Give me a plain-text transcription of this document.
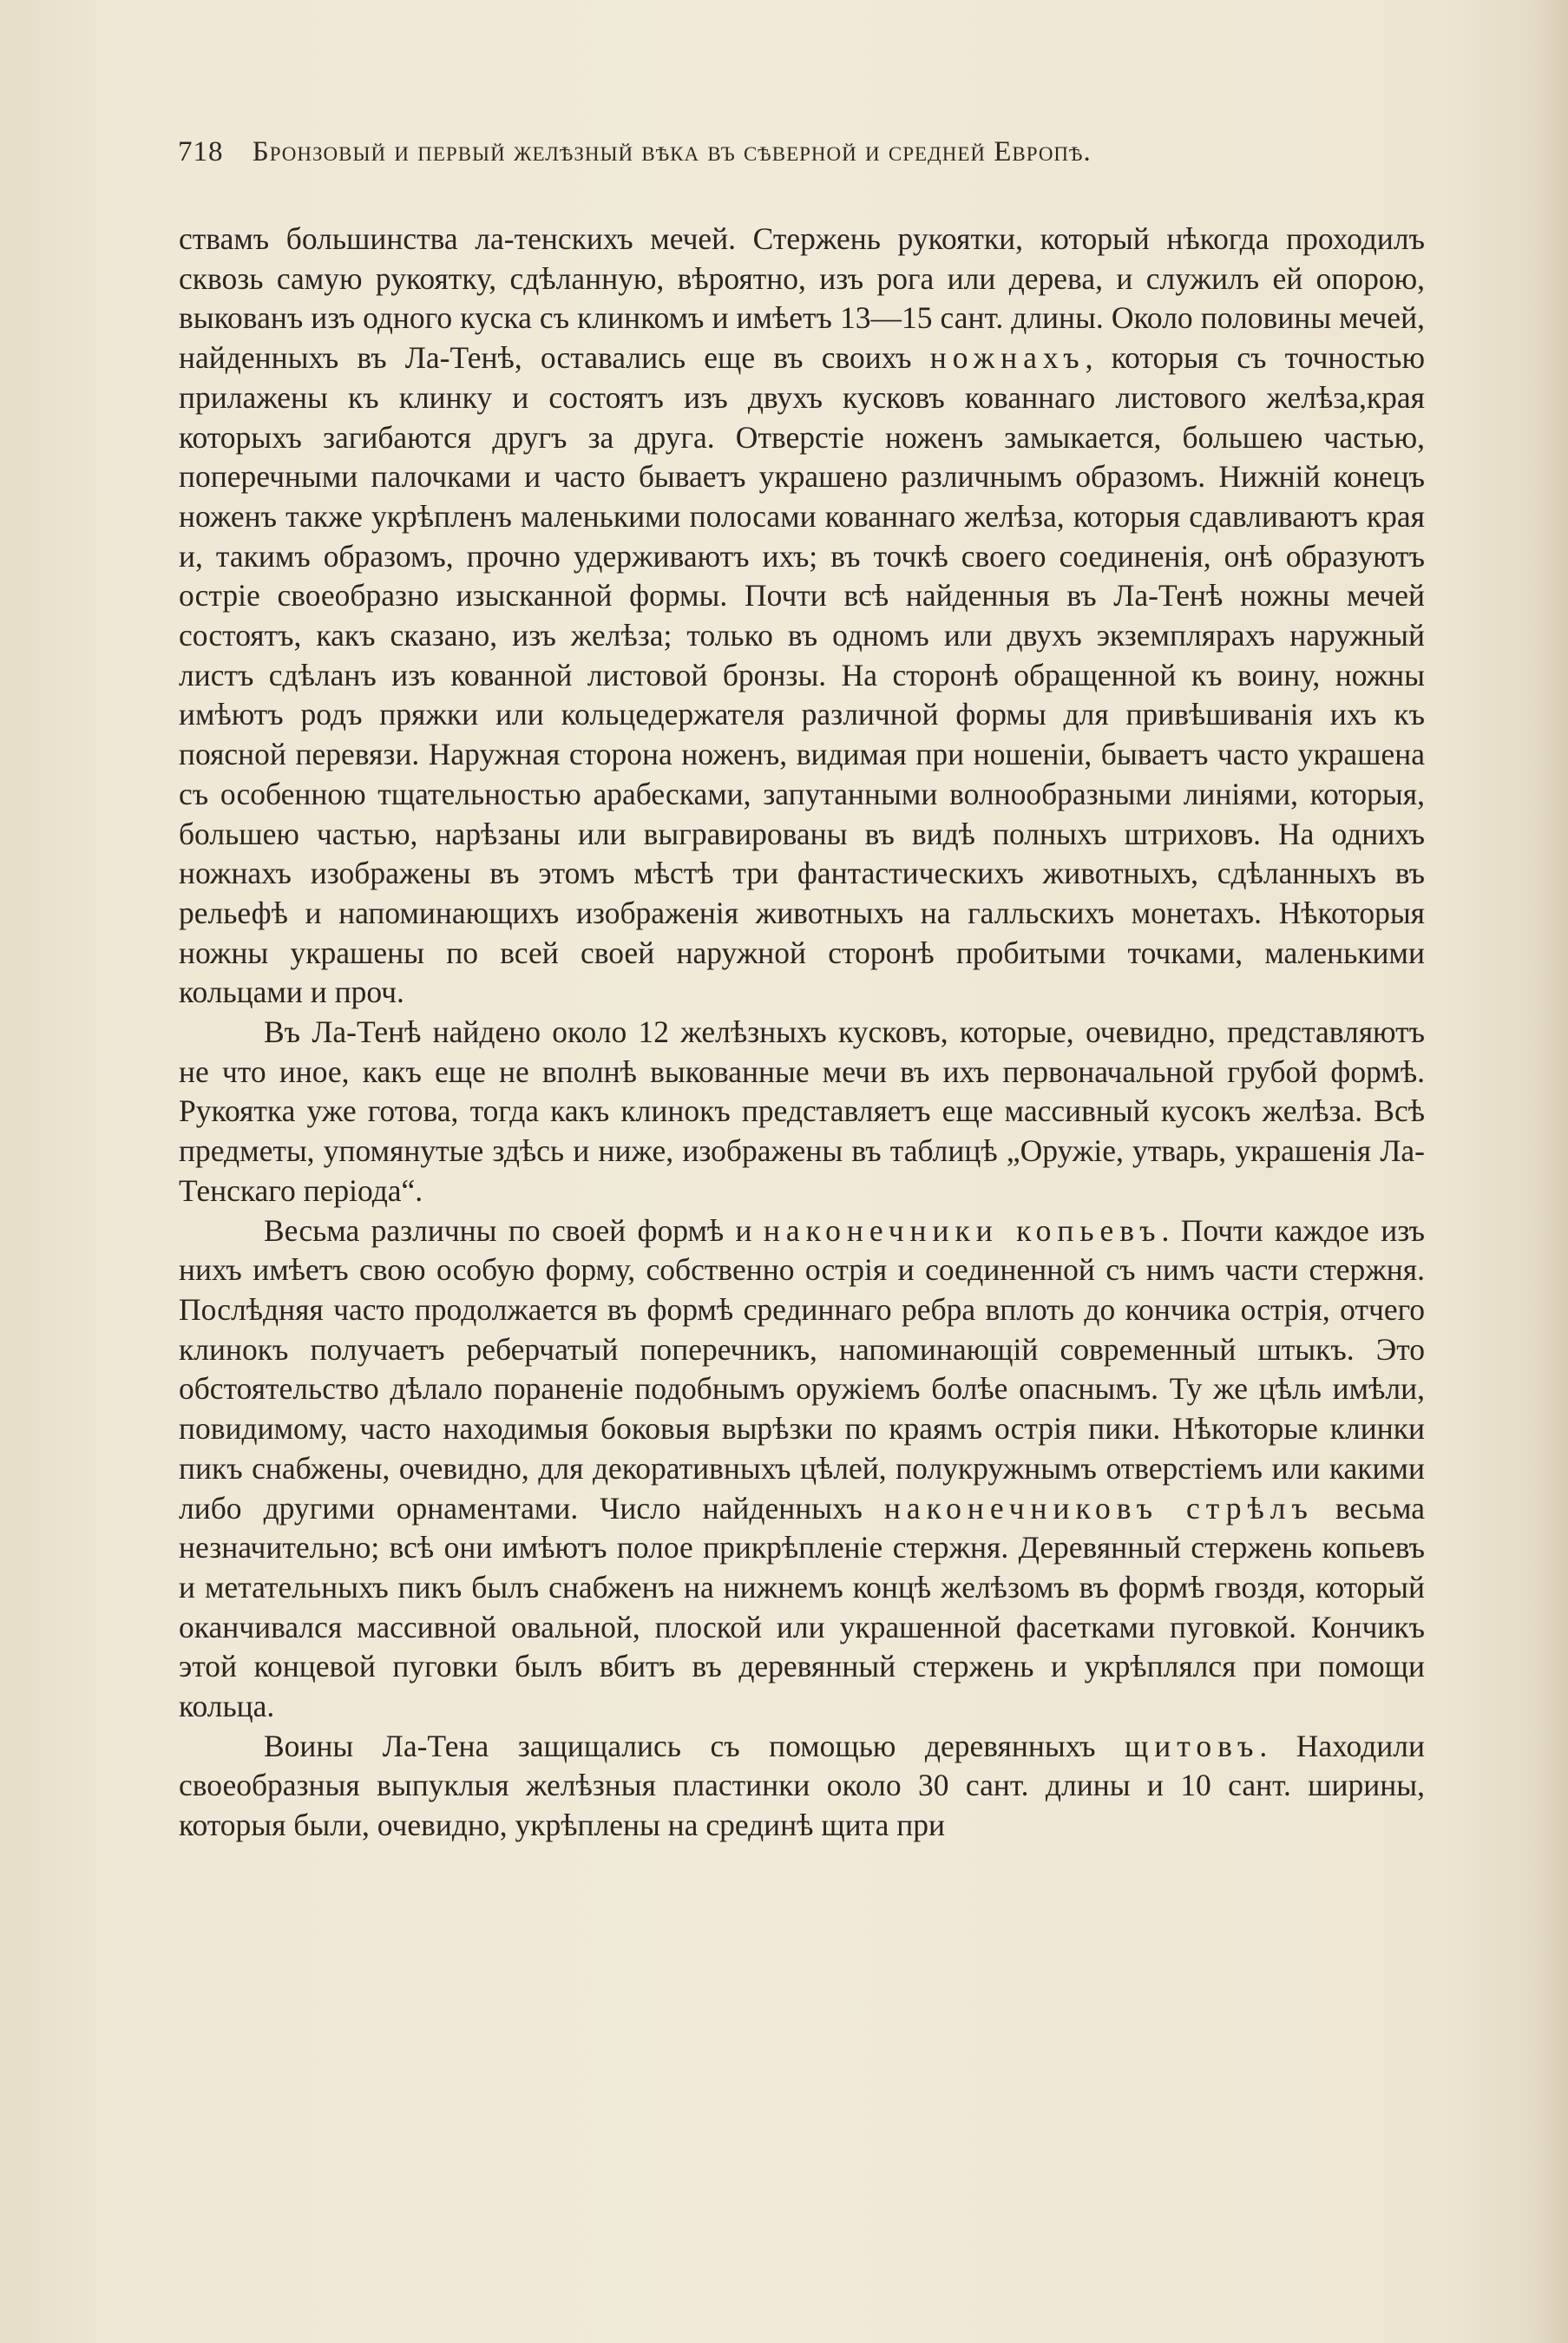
718 Бронзовый и первый желѣзный вѣка въ сѣверной и средней Европѣ.

ствамъ большинства ла-тенскихъ мечей. Стержень рукоятки, который нѣкогда проходилъ сквозь самую рукоятку, сдѣланную, вѣроятно, изъ рога или дерева, и служилъ ей опорою, выкованъ изъ одного куска съ клинкомъ и имѣетъ 13—15 сант. длины. Около половины мечей, найденныхъ въ Ла-Тенѣ, оставались еще въ своихъ ножнахъ, которыя съ точностью прилажены къ клинку и состоятъ изъ двухъ кусковъ кованнаго листового желѣза,края которыхъ загибаются другъ за друга. Отверстіе ноженъ замыкается, большею частью, поперечными палочками и часто бываетъ украшено различнымъ образомъ. Нижній конецъ ноженъ также укрѣпленъ маленькими полосами кованнаго желѣза, которыя сдавливаютъ края и, такимъ образомъ, прочно удерживаютъ ихъ; въ точкѣ своего соединенія, онѣ образуютъ остріе своеобразно изысканной формы. Почти всѣ найденныя въ Ла-Тенѣ ножны мечей состоятъ, какъ сказано, изъ желѣза; только въ одномъ или двухъ экземплярахъ наружный листъ сдѣланъ изъ кованной листовой бронзы. На сторонѣ обращенной къ воину, ножны имѣютъ родъ пряжки или кольцедержателя различной формы для привѣшиванія ихъ къ поясной перевязи. Наружная сторона ноженъ, видимая при ношеніи, бываетъ часто украшена съ особенною тщательностью арабесками, запутанными волнообразными линіями, которыя, большею частью, нарѣзаны или выгравированы въ видѣ полныхъ штриховъ. На однихъ ножнахъ изображены въ этомъ мѣстѣ три фантастическихъ животныхъ, сдѣланныхъ въ рельефѣ и напоминающихъ изображенія животныхъ на галльскихъ монетахъ. Нѣкоторыя ножны украшены по всей своей наружной сторонѣ пробитыми точками, маленькими кольцами и проч.

Въ Ла-Тенѣ найдено около 12 желѣзныхъ кусковъ, которые, очевидно, представляютъ не что иное, какъ еще не вполнѣ выкованные мечи въ ихъ первоначальной грубой формѣ. Рукоятка уже готова, тогда какъ клинокъ представляетъ еще массивный кусокъ желѣза. Всѣ предметы, упомянутые здѣсь и ниже, изображены въ таблицѣ „Оружіе, утварь, украшенія Ла-Тенскаго періода“.

Весьма различны по своей формѣ и наконечники копьевъ. Почти каждое изъ нихъ имѣетъ свою особую форму, собственно острія и соединенной съ нимъ части стержня. Послѣдняя часто продолжается въ формѣ срединнаго ребра вплоть до кончика острія, отчего клинокъ получаетъ реберчатый поперечникъ, напоминающій современный штыкъ. Это обстоятельство дѣлало пораненіе подобнымъ оружіемъ болѣе опаснымъ. Ту же цѣль имѣли, повидимому, часто находимыя боковыя вырѣзки по краямъ острія пики. Нѣкоторые клинки пикъ снабжены, очевидно, для декоративныхъ цѣлей, полукружнымъ отверстіемъ или какими либо другими орнаментами. Число найденныхъ наконечниковъ стрѣлъ весьма незначительно; всѣ они имѣютъ полое прикрѣпленіе стержня. Деревянный стержень копьевъ и метательныхъ пикъ былъ снабженъ на нижнемъ концѣ желѣзомъ въ формѣ гвоздя, который оканчивался массивной овальной, плоской или украшенной фасетками пуговкой. Кончикъ этой концевой пуговки былъ вбитъ въ деревянный стержень и укрѣплялся при помощи кольца.

Воины Ла-Тена защищались съ помощью деревянныхъ щитовъ. Находили своеобразныя выпуклыя желѣзныя пластинки около 30 сант. длины и 10 сант. ширины, которыя были, очевидно, укрѣплены на срединѣ щита при
